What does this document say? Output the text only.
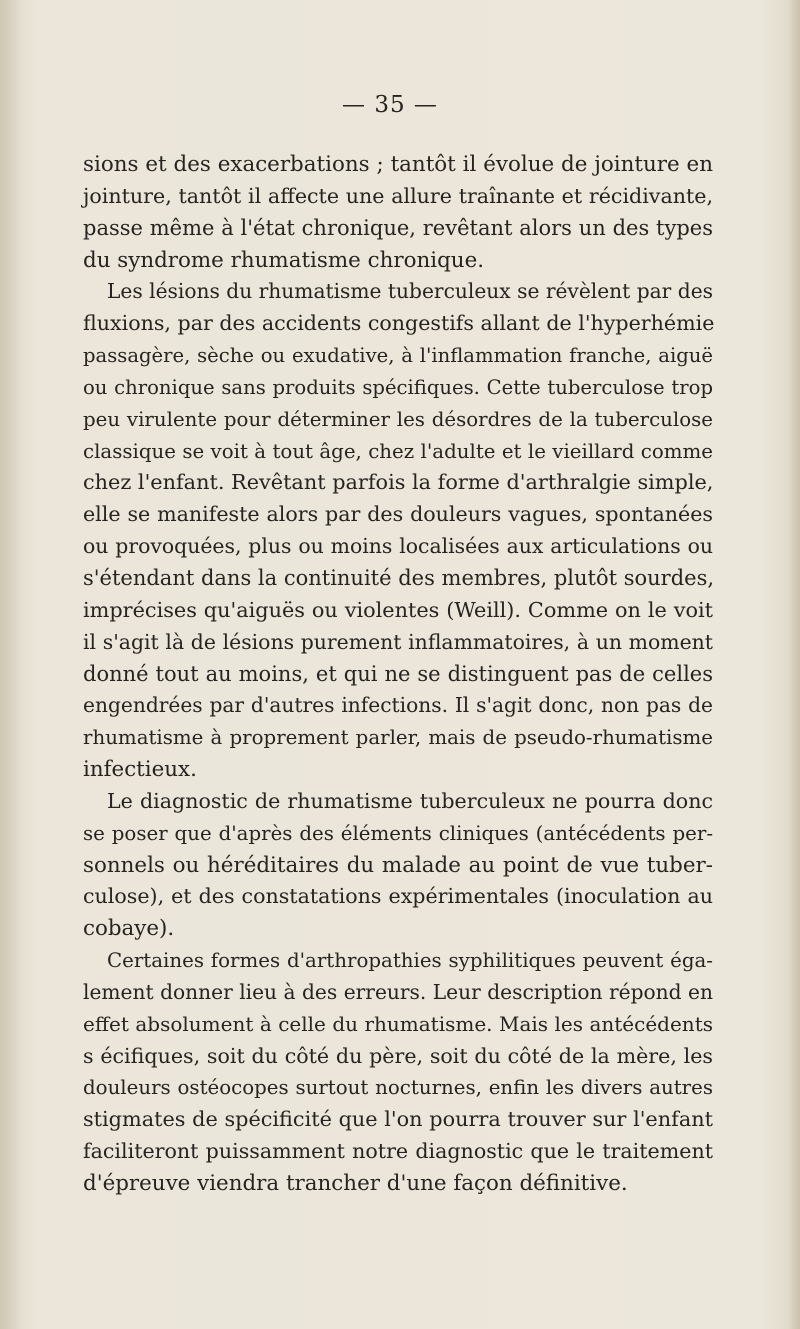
— 35 —
sions et des exacerbations ; tantôt il évolue de jointure en
jointure, tantôt il affecte une allure traînante et récidivante,
passe même à l'état chronique, revêtant alors un des types
du syndrome rhumatisme chronique.
Les lésions du rhumatisme tuberculeux se révèlent par des
fluxions, par des accidents congestifs allant de l'hyperhémie
passagère, sèche ou exudative, à l'inflammation franche, aiguë
ou chronique sans produits spécifiques. Cette tuberculose trop
peu virulente pour déterminer les désordres de la tuberculose
classique se voit à tout âge, chez l'adulte et le vieillard comme
chez l'enfant. Revêtant parfois la forme d'arthralgie simple,
elle se manifeste alors par des douleurs vagues, spontanées
ou provoquées, plus ou moins localisées aux articulations ou
s'étendant dans la continuité des membres, plutôt sourdes,
imprécises qu'aiguës ou violentes (Weill). Comme on le voit
il s'agit là de lésions purement inflammatoires, à un moment
donné tout au moins, et qui ne se distinguent pas de celles
engendrées par d'autres infections. Il s'agit donc, non pas de
rhumatisme à proprement parler, mais de pseudo-rhumatisme
infectieux.
Le diagnostic de rhumatisme tuberculeux ne pourra donc
se poser que d'après des éléments cliniques (antécédents per-
sonnels ou héréditaires du malade au point de vue tuber-
culose), et des constatations expérimentales (inoculation au
cobaye).
Certaines formes d'arthropathies syphilitiques peuvent éga-
lement donner lieu à des erreurs. Leur description répond en
effet absolument à celle du rhumatisme. Mais les antécédents
s écifiques, soit du côté du père, soit du côté de la mère, les
douleurs ostéocopes surtout nocturnes, enfin les divers autres
stigmates de spécificité que l'on pourra trouver sur l'enfant
faciliteront puissamment notre diagnostic que le traitement
d'épreuve viendra trancher d'une façon définitive.
